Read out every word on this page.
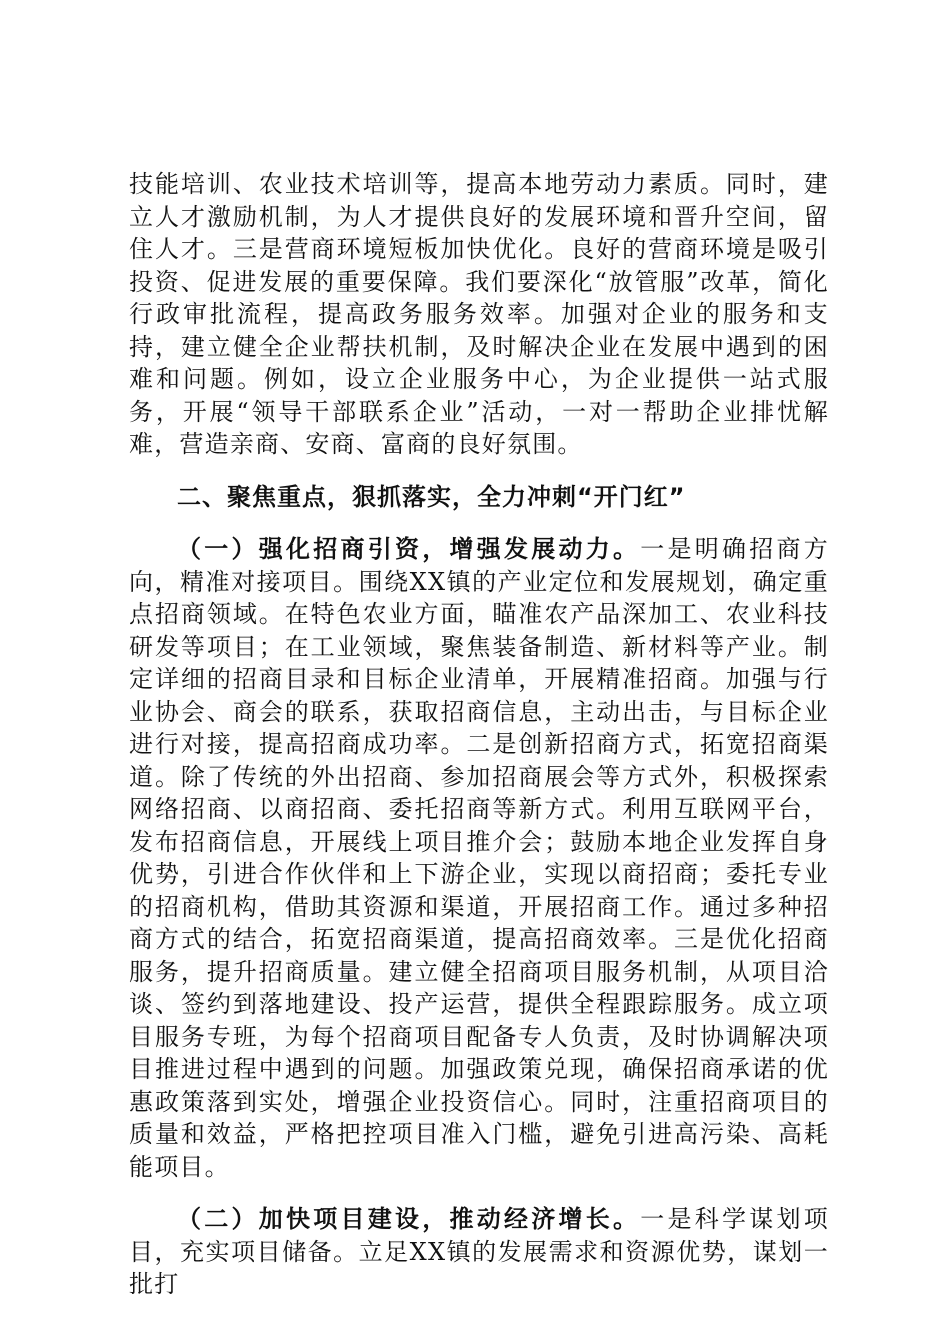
技能培训、农业技术培训等，提高本地劳动力素质。同时，建立人才激励机制，为人才提供良好的发展环境和晋升空间，留住人才。三是营商环境短板加快优化。良好的营商环境是吸引投资、促进发展的重要保障。我们要深化“放管服”改革，简化行政审批流程，提高政务服务效率。加强对企业的服务和支持，建立健全企业帮扶机制，及时解决企业在发展中遇到的困难和问题。例如，设立企业服务中心，为企业提供一站式服务，开展“领导干部联系企业”活动，一对一帮助企业排忧解难，营造亲商、安商、富商的良好氛围。

二、聚焦重点，狠抓落实，全力冲刺“开门红”

（一）强化招商引资，增强发展动力。一是明确招商方向，精准对接项目。围绕XX镇的产业定位和发展规划，确定重点招商领域。在特色农业方面，瞄准农产品深加工、农业科技研发等项目；在工业领域，聚焦装备制造、新材料等产业。制定详细的招商目录和目标企业清单，开展精准招商。加强与行业协会、商会的联系，获取招商信息，主动出击，与目标企业进行对接，提高招商成功率。二是创新招商方式，拓宽招商渠道。除了传统的外出招商、参加招商展会等方式外，积极探索网络招商、以商招商、委托招商等新方式。利用互联网平台，发布招商信息，开展线上项目推介会；鼓励本地企业发挥自身优势，引进合作伙伴和上下游企业，实现以商招商；委托专业的招商机构，借助其资源和渠道，开展招商工作。通过多种招商方式的结合，拓宽招商渠道，提高招商效率。三是优化招商服务，提升招商质量。建立健全招商项目服务机制，从项目洽谈、签约到落地建设、投产运营，提供全程跟踪服务。成立项目服务专班，为每个招商项目配备专人负责，及时协调解决项目推进过程中遇到的问题。加强政策兑现，确保招商承诺的优惠政策落到实处，增强企业投资信心。同时，注重招商项目的质量和效益，严格把控项目准入门槛，避免引进高污染、高耗能项目。

（二）加快项目建设，推动经济增长。一是科学谋划项目，充实项目储备。立足XX镇的发展需求和资源优势，谋划一批打
